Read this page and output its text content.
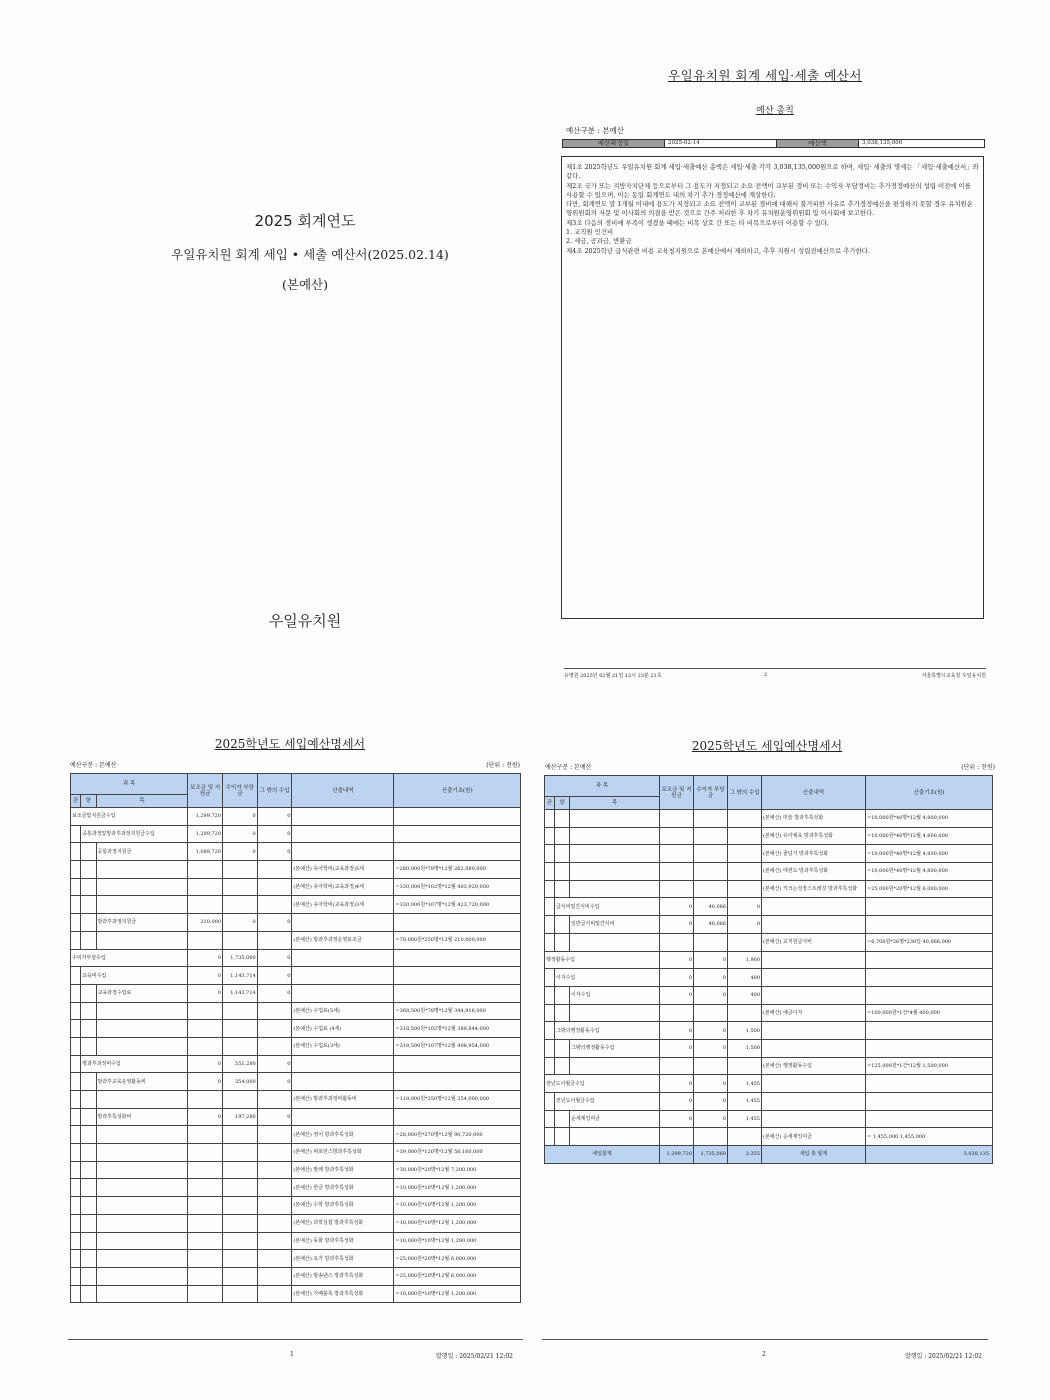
2025 회계연도
우일유치원 회계 세입 • 세출 예산서(2025.02.14)
(본예산)
우일유치원
우일유치원 회계 세입·세출 예산서
예산 총칙
예산구분 : 본예산
예산확정일	2025-02-14	예산액	3,038,135,000

제1조 2025학년도 우일유치원 회계 세입·세출예산 총액은 세입·세출 각각 3,038,135,000원으로 하며, 세입· 세출의 명세는 「세입·세출예산서」와 같다.

제2조 국가 또는 지방자치단체 등으로부터 그 용도가 지정되고 소요 전액이 교부된 경비 또는 수익자 부담경비는 추가경정예산의 성립 이전에 이를 사용할 수 있으며, 이는 동일 회계연도 내의 차기 추가 경정예산에 계상한다.

다만, 회계연도 말 1개월 이내에 용도가 지정되고 소요 전액이 교부된 경비에 대해서 불가피한 사유로 추가경정예산을 편성하지 못할 경우 유치원운영위원회의 자문 및 이사회의 의결을 받은 것으로 간주 처리한 후 차기 유치원운영위원회 및 이사회에 보고한다.

제3조 다음의 경비에 부족이 생겼을 때에는 비목 상호 간 또는 타 비목으로부터 이용할 수 있다.

1. 교직원 인건비

2. 세금, 공과금, 반환금

제4조 2025학년 급식관련 비용 교육청지원으로 본예산에서 제외하고, 추후 지원시 성립전예산으로 추가한다.

유영원 2025년 02월 21일 12시 23분 21초	2	서울특별시교육청 우일유치원
2025학년도 세입예산명세서
예산구분 : 본예산	(단위 : 천원)
과 목			보조금 및 지원금	수익자 부담금	그 밖의 수입	산출내역	산출기초(원)
관	항	목					
보조금및지원금수입			1,299,720	0	0		
	공통과정및방과후과정지원금수입		1,299,720	0	0		
		공통과정지원금	1,089,720	0	0		
						(본예산) 유아학비(교육과정)5세	=280,000원*78명*12월 262,080,000
						(본예산) 유아학비(교육과정)4세	=330,000원*102명*12월 403,920,000
						(본예산) 유아학비(교육과정)3세	=330,000원*107명*12월 423,720,000
		방과후과정지원금	210,000	0	0		
						(본예산) 방과후과정운영보조금	=70,000원*250명*12월 210,000,000
수익자부담수입			0	1,735,060	0		
	교육비수입		0	1,143,714	0		
		교육과정수업료	0	1,143,714	0		
						(본예산) 수업료(5세)	=368,500원*78명*12월 344,916,000
						(본예산) 수업료 (4세)	=318,500원*102명*12월 389,844,000
						(본예산) 수업료(3세)	=318,500원*107명*12월 408,954,000
	방과후과정비수입		0	551,280	0		
		방과후교육운영활동비	0	354,000	0		
						(본예산) 방과후과정비활동비	=118,000원*250명*12월 354,000,000
		방과후특성화비	0	197,280	0		
						(본예산) 영어 방과후특성화	=28,000원*270명*12월 90,720,000
						(본예산) 퍼포먼스방과후특성화	=39,000원*120명*12월 56,160,000
						(본예산) 발레 방과후특성화	=30,000원*20명*12월 7,200,000
						(본예산) 한글 방과후특성화	=10,000원*10명*12월 1,200,000
						(본예산) 수학 방과후특성화	=10,000원*10명*12월 1,200,000
						(본예산) 과학실험 방과후특성화	=10,000원*10명*12월 1,200,000
						(본예산) 동화 방과후특성화	=10,000원*10명*12월 1,200,000
						(본예산) 요가 방과후특성화	=25,000원*20명*12월 6,000,000
						(본예산) 방송댄스 방과후특성화	=25,000원*20명*12월 6,000,000
						(본예산) 가베블록 방과후특성화	=10,000원*10명*12월 1,200,000
1	발행일 : 2025/02/21 12:02
2025학년도 세입예산명세서
예산구분 : 본예산	(단위 : 천원)
과 목			보조금 및 지원금	수익자 부담금	그 밖의 수입	산출내역	산출기초(원)
관	항	목					
						(본예산) 미술 방과후특성화	=10,000원*40명*12월 4,800,000
						(본예산) 유아체육 방과후특성화	=10,000원*40명*12월 4,800,000
						(본예산) 줄넘기 방과후특성화	=10,000원*40명*12월 4,800,000
						(본예산) 태권도 방과후특성화	=10,000원*40명*12월 4,800,000
						(본예산) 키크는성장스트레칭 방과후특성화	=25,000원*20명*12월 6,000,000
	급식비및간식비수입		0	40,066	0		
		일반급식비및간식비	0	40,066	0		
						(본예산) 교직원급식비	=6,700원*26명*230일 40,066,000
행정활동수입			0	0	1,900		
	이자수입		0	0	400		
		이자수입	0	0	400		
						(본예산) 예금이자	=100,000원*1건*4월 400,000
	그밖의행정활동수입		0	0	1,500		
		그밖의행정활동수입	0	0	1,500		
						(본예산) 행정활동수입	=125,000원*1건*12월 1,500,000
전년도이월금수입			0	0	1,455		
	전년도이월금수입		0	0	1,455		
		순세계잉여금	0	0	1,455		
						(본예산) 순세계잉여금	= 1,455,000 1,455,000
세입합계			1,299,720	1,735,060	3,355	세입 총 합계	3,038,135
2	발행일 : 2025/02/21 12:02
